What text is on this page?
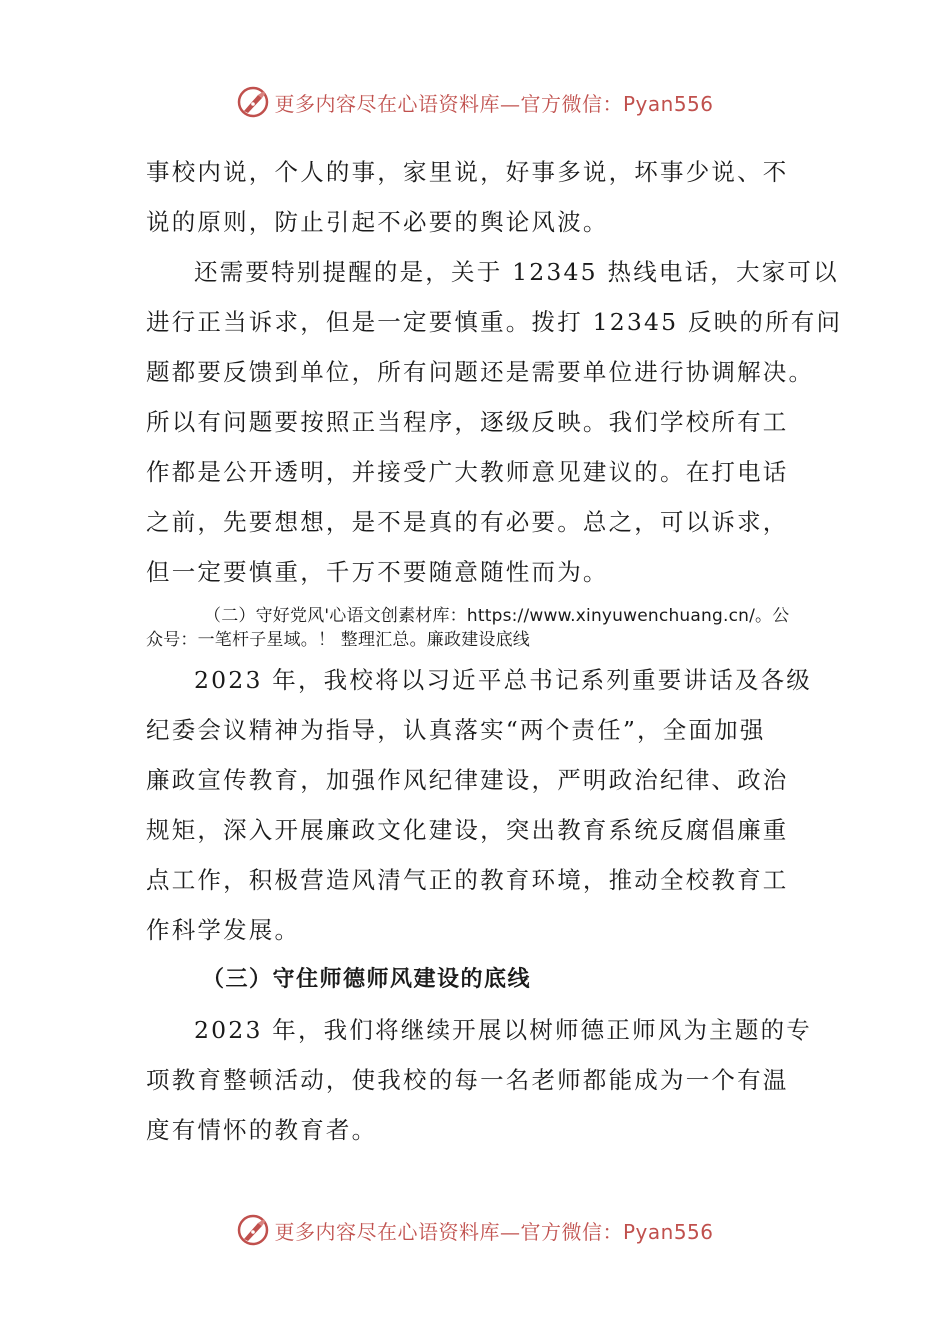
更多内容尽在心语资料库—官方微信：Pyan556
事校内说，个人的事，家里说，好事多说，坏事少说、不
说的原则，防止引起不必要的舆论风波。
还需要特别提醒的是，关于 12345 热线电话，大家可以
进行正当诉求，但是一定要慎重。拨打 12345 反映的所有问
题都要反馈到单位，所有问题还是需要单位进行协调解决。
所以有问题要按照正当程序，逐级反映。我们学校所有工
作都是公开透明，并接受广大教师意见建议的。在打电话
之前，先要想想，是不是真的有必要。总之，可以诉求，
但一定要慎重，千万不要随意随性而为。
（二）守好党风'心语文创素材库：https://www.xinyuwenchuang.cn/。公
众号：一笔杆子星域。！ 整理汇总。廉政建设底线
2023 年，我校将以习近平总书记系列重要讲话及各级
纪委会议精神为指导，认真落实“两个责任”，全面加强
廉政宣传教育，加强作风纪律建设，严明政治纪律、政治
规矩，深入开展廉政文化建设，突出教育系统反腐倡廉重
点工作，积极营造风清气正的教育环境，推动全校教育工
作科学发展。
（三）守住师德师风建设的底线
2023 年，我们将继续开展以树师德正师风为主题的专
项教育整顿活动，使我校的每一名老师都能成为一个有温
度有情怀的教育者。
更多内容尽在心语资料库—官方微信：Pyan556
